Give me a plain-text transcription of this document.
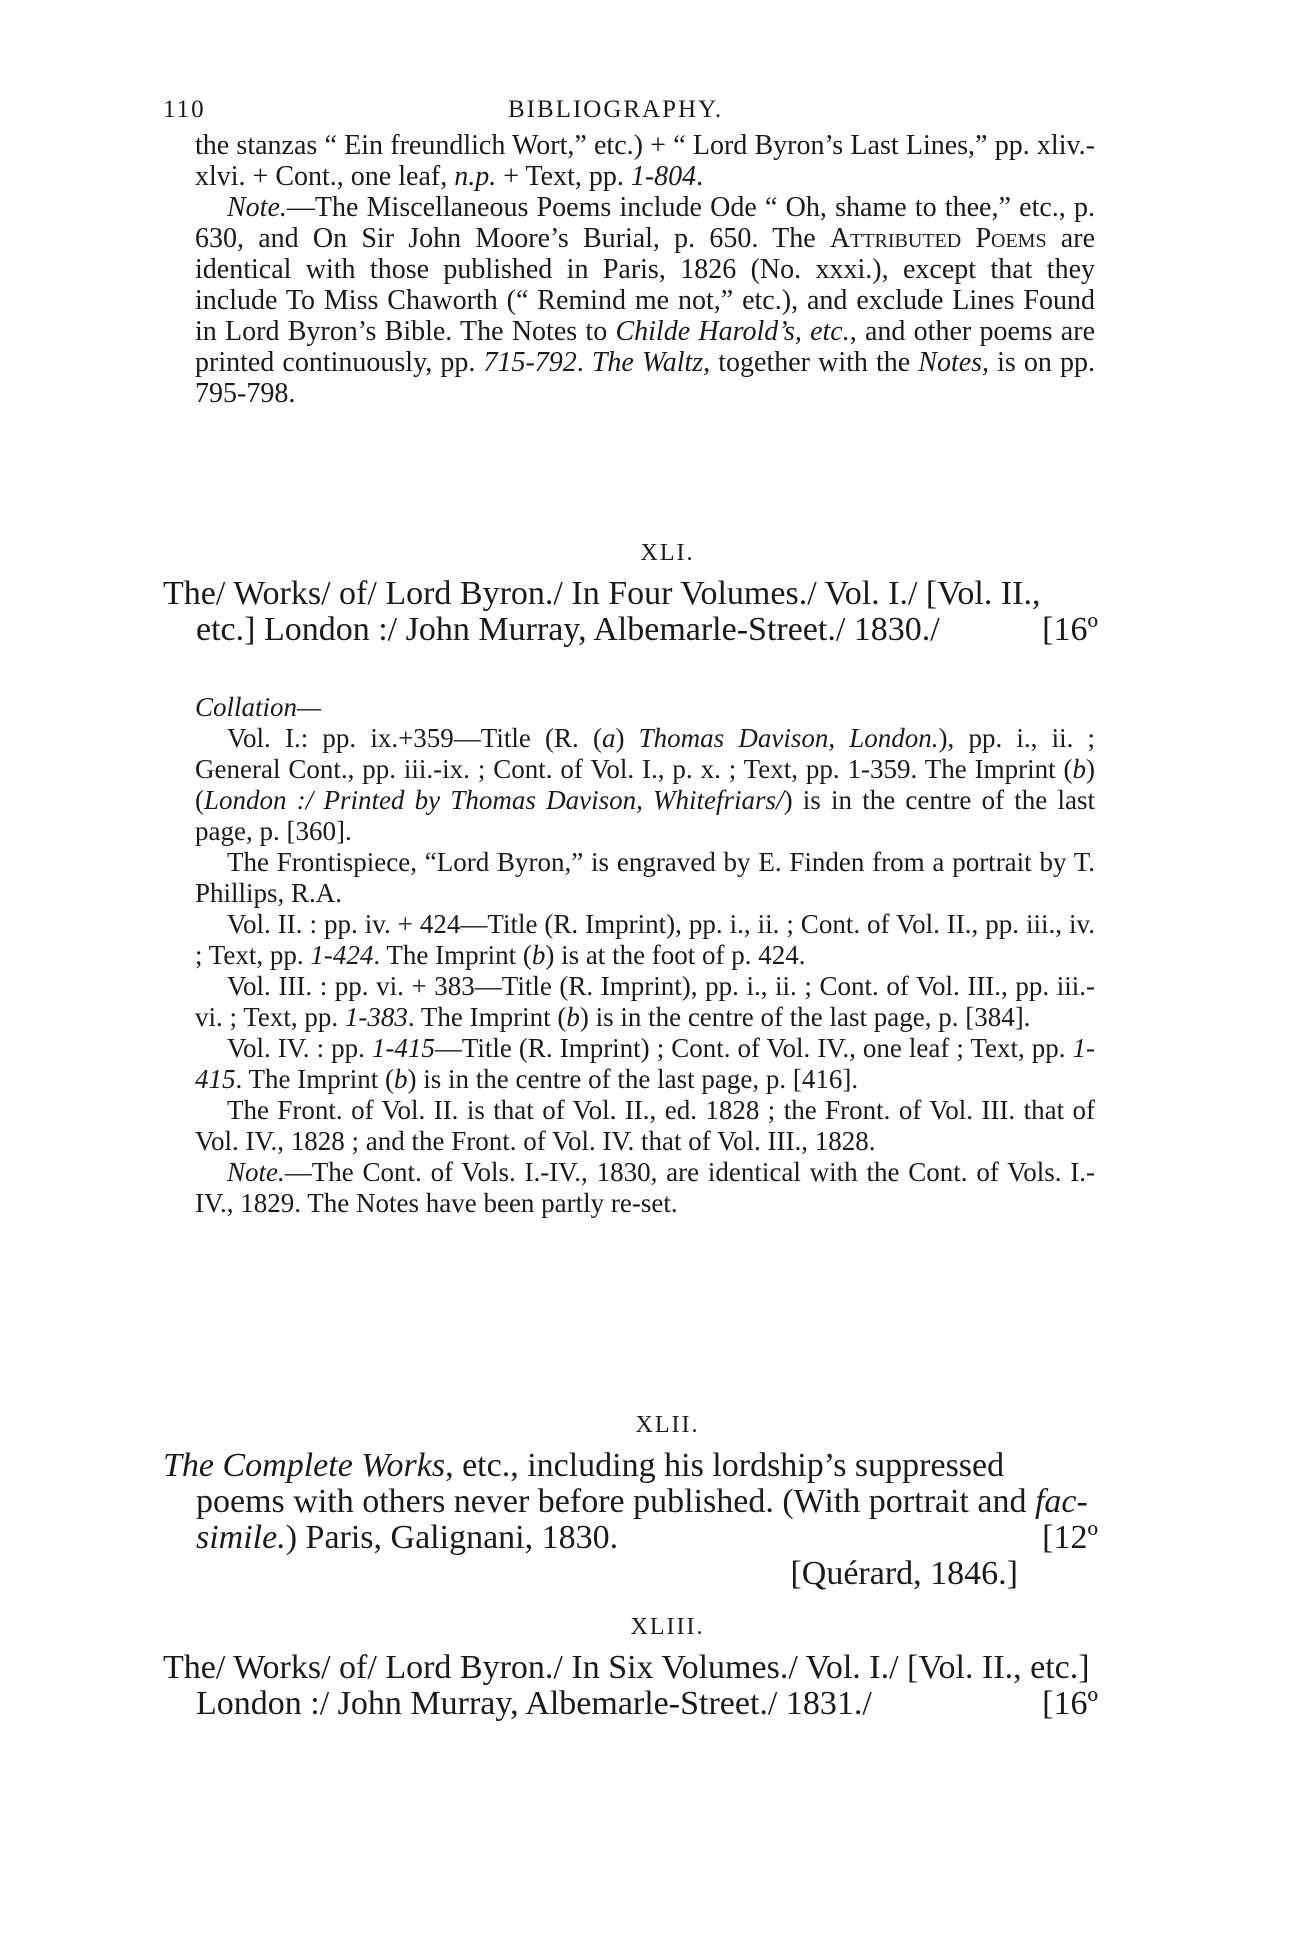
110	BIBLIOGRAPHY.

the stanzas “ Ein freundlich Wort,” etc.) + “ Lord Byron’s Last Lines,” pp. xliv.-xlvi. + Cont., one leaf, n.p. + Text, pp. 1-804.

Note.—The Miscellaneous Poems include Ode “ Oh, shame to thee,” etc., p. 630, and On Sir John Moore’s Burial, p. 650. The Attributed Poems are identical with those published in Paris, 1826 (No. xxxi.), except that they include To Miss Chaworth (“ Remind me not,” etc.), and exclude Lines Found in Lord Byron’s Bible. The Notes to Childe Harold’s, etc., and other poems are printed continuously, pp. 715-792. The Waltz, together with the Notes, is on pp. 795-798.

XLI.

The/ Works/ of/ Lord Byron./ In Four Volumes./ Vol. I./ [Vol. II., etc.] London :/ John Murray, Albemarle-Street./ 1830./	[16º

Collation—

Vol. I.: pp. ix.+359—Title (R. (a) Thomas Davison, London.), pp. i., ii. ; General Cont., pp. iii.-ix. ; Cont. of Vol. I., p. x. ; Text, pp. 1-359. The Imprint (b) (London :/ Printed by Thomas Davison, Whitefriars/) is in the centre of the last page, p. [360].

The Frontispiece, “Lord Byron,” is engraved by E. Finden from a portrait by T. Phillips, R.A.

Vol. II. : pp. iv. + 424—Title (R. Imprint), pp. i., ii. ; Cont. of Vol. II., pp. iii., iv. ; Text, pp. 1-424. The Imprint (b) is at the foot of p. 424.

Vol. III. : pp. vi. + 383—Title (R. Imprint), pp. i., ii. ; Cont. of Vol. III., pp. iii.-vi. ; Text, pp. 1-383. The Imprint (b) is in the centre of the last page, p. [384].

Vol. IV. : pp. 1-415—Title (R. Imprint) ; Cont. of Vol. IV., one leaf ; Text, pp. 1-415. The Imprint (b) is in the centre of the last page, p. [416].

The Front. of Vol. II. is that of Vol. II., ed. 1828 ; the Front. of Vol. III. that of Vol. IV., 1828 ; and the Front. of Vol. IV. that of Vol. III., 1828.

Note.—The Cont. of Vols. I.-IV., 1830, are identical with the Cont. of Vols. I.-IV., 1829. The Notes have been partly re-set.

XLII.

The Complete Works, etc., including his lordship’s suppressed poems with others never before published. (With portrait and fac-simile.) Paris, Galignani, 1830.	[12º

[Quérard, 1846.]

XLIII.

The/ Works/ of/ Lord Byron./ In Six Volumes./ Vol. I./ [Vol. II., etc.] London :/ John Murray, Albemarle-Street./ 1831./	[16º
